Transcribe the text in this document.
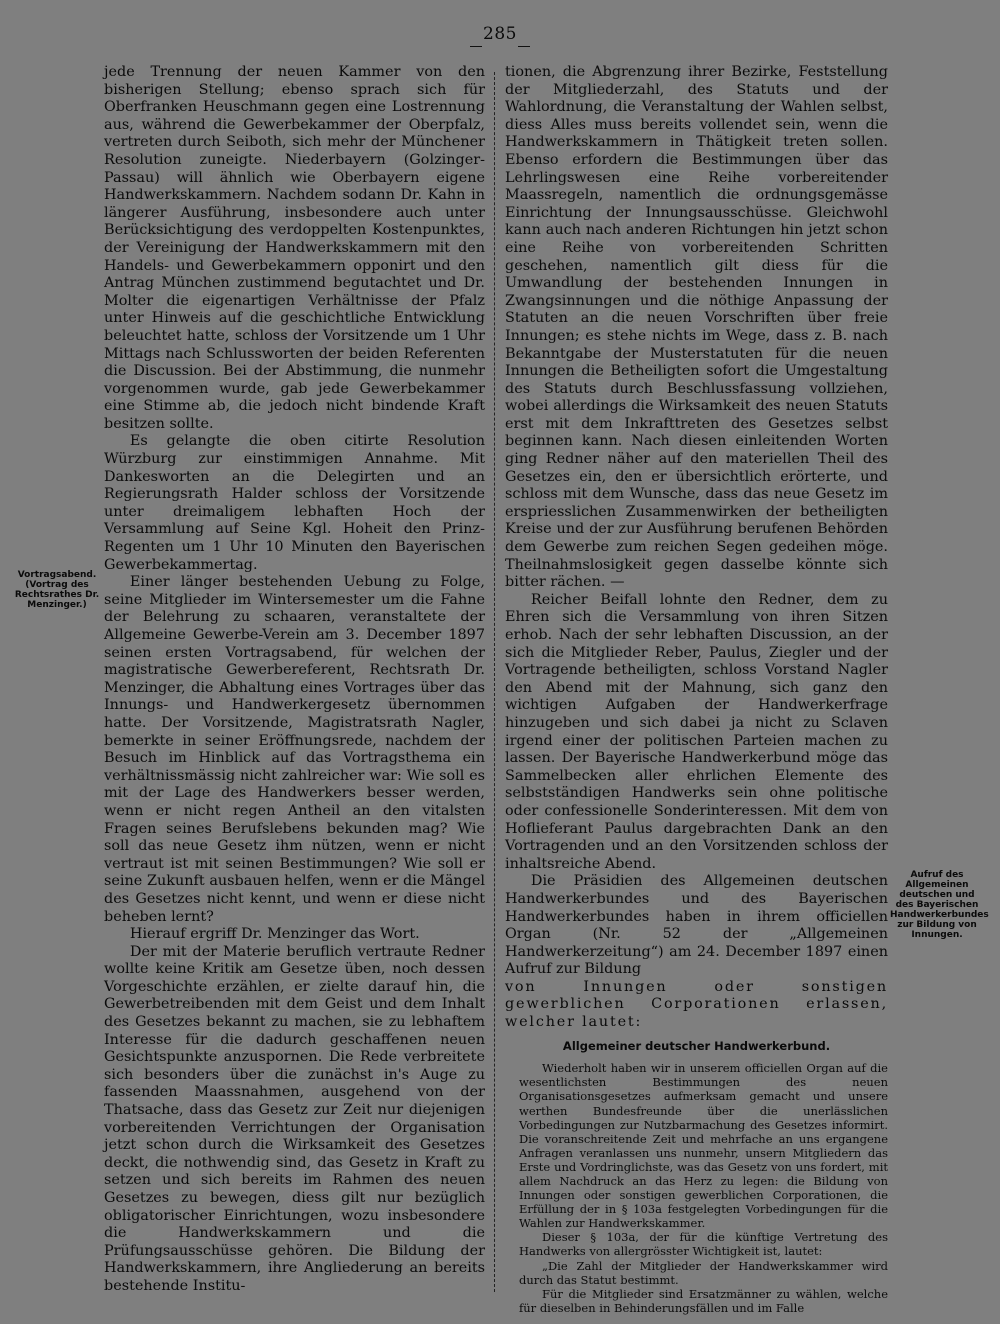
285
Vortragsabend. (Vortrag des Rechtsrathes Dr. Menzinger.)
Aufruf des Allgemeinen deutschen und des Bayerischen Handwerkerbundes zur Bildung von Innungen.

jede Trennung der neuen Kammer von den bisherigen Stellung; ebenso sprach sich für Oberfranken Heuschmann gegen eine Lostrennung aus, während die Gewerbekammer der Oberpfalz, vertreten durch Seiboth, sich mehr der Münchener Resolution zuneigte. Niederbayern (Golzinger-Passau) will ähnlich wie Oberbayern eigene Handwerkskammern. Nachdem sodann Dr. Kahn in längerer Ausführung, insbesondere auch unter Berücksichtigung des verdoppelten Kostenpunktes, der Vereinigung der Handwerkskammern mit den Handels- und Gewerbekammern opponirt und den Antrag München zustimmend begutachtet und Dr. Molter die eigenartigen Verhältnisse der Pfalz unter Hinweis auf die geschichtliche Entwicklung beleuchtet hatte, schloss der Vorsitzende um 1 Uhr Mittags nach Schlussworten der beiden Referenten die Discussion. Bei der Abstimmung, die nunmehr vorgenommen wurde, gab jede Gewerbekammer eine Stimme ab, die jedoch nicht bindende Kraft besitzen sollte.

Es gelangte die oben citirte Resolution Würzburg zur einstimmigen Annahme. Mit Dankesworten an die Delegirten und an Regierungsrath Halder schloss der Vorsitzende unter dreimaligem lebhaften Hoch der Versammlung auf Seine Kgl. Hoheit den Prinz-Regenten um 1 Uhr 10 Minuten den Bayerischen Gewerbekammertag.

Einer länger bestehenden Uebung zu Folge, seine Mitglieder im Wintersemester um die Fahne der Belehrung zu schaaren, veranstaltete der Allgemeine Gewerbe-Verein am 3. December 1897 seinen ersten Vortragsabend, für welchen der magistratische Gewerbereferent, Rechtsrath Dr. Menzinger, die Abhaltung eines Vortrages über das Innungs- und Handwerkergesetz übernommen hatte. Der Vorsitzende, Magistratsrath Nagler, bemerkte in seiner Eröffnungsrede, nachdem der Besuch im Hinblick auf das Vortragsthema ein verhältnissmässig nicht zahlreicher war: Wie soll es mit der Lage des Handwerkers besser werden, wenn er nicht regen Antheil an den vitalsten Fragen seines Berufslebens bekunden mag? Wie soll das neue Gesetz ihm nützen, wenn er nicht vertraut ist mit seinen Bestimmungen? Wie soll er seine Zukunft ausbauen helfen, wenn er die Mängel des Gesetzes nicht kennt, und wenn er diese nicht beheben lernt?

Hierauf ergriff Dr. Menzinger das Wort.

Der mit der Materie beruflich vertraute Redner wollte keine Kritik am Gesetze üben, noch dessen Vorgeschichte erzählen, er zielte darauf hin, die Gewerbetreibenden mit dem Geist und dem Inhalt des Gesetzes bekannt zu machen, sie zu lebhaftem Interesse für die dadurch geschaffenen neuen Gesichtspunkte anzuspornen. Die Rede verbreitete sich besonders über die zunächst in's Auge zu fassenden Maassnahmen, ausgehend von der Thatsache, dass das Gesetz zur Zeit nur diejenigen vorbereitenden Verrichtungen der Organisation jetzt schon durch die Wirksamkeit des Gesetzes deckt, die nothwendig sind, das Gesetz in Kraft zu setzen und sich bereits im Rahmen des neuen Gesetzes zu bewegen, diess gilt nur bezüglich obligatorischer Einrichtungen, wozu insbesondere die Handwerkskammern und die Prüfungsausschüsse gehören. Die Bildung der Handwerkskammern, ihre Angliederung an bereits bestehende Institu-

tionen, die Abgrenzung ihrer Bezirke, Feststellung der Mitgliederzahl, des Statuts und der Wahlordnung, die Veranstaltung der Wahlen selbst, diess Alles muss bereits vollendet sein, wenn die Handwerkskammern in Thätigkeit treten sollen. Ebenso erfordern die Bestimmungen über das Lehrlingswesen eine Reihe vorbereitender Maassregeln, namentlich die ordnungsgemässe Einrichtung der Innungsausschüsse. Gleichwohl kann auch nach anderen Richtungen hin jetzt schon eine Reihe von vorbereitenden Schritten geschehen, namentlich gilt diess für die Umwandlung der bestehenden Innungen in Zwangsinnungen und die nöthige Anpassung der Statuten an die neuen Vorschriften über freie Innungen; es stehe nichts im Wege, dass z. B. nach Bekanntgabe der Musterstatuten für die neuen Innungen die Betheiligten sofort die Umgestaltung des Statuts durch Beschlussfassung vollziehen, wobei allerdings die Wirksamkeit des neuen Statuts erst mit dem Inkrafttreten des Gesetzes selbst beginnen kann. Nach diesen einleitenden Worten ging Redner näher auf den materiellen Theil des Gesetzes ein, den er übersichtlich erörterte, und schloss mit dem Wunsche, dass das neue Gesetz im erspriesslichen Zusammenwirken der betheiligten Kreise und der zur Ausführung berufenen Behörden dem Gewerbe zum reichen Segen gedeihen möge. Theilnahmslosigkeit gegen dasselbe könnte sich bitter rächen. —

Reicher Beifall lohnte den Redner, dem zu Ehren sich die Versammlung von ihren Sitzen erhob. Nach der sehr lebhaften Discussion, an der sich die Mitglieder Reber, Paulus, Ziegler und der Vortragende betheiligten, schloss Vorstand Nagler den Abend mit der Mahnung, sich ganz den wichtigen Aufgaben der Handwerkerfrage hinzugeben und sich dabei ja nicht zu Sclaven irgend einer der politischen Parteien machen zu lassen. Der Bayerische Handwerkerbund möge das Sammelbecken aller ehrlichen Elemente des selbstständigen Handwerks sein ohne politische oder confessionelle Sonderinteressen. Mit dem von Hoflieferant Paulus dargebrachten Dank an den Vortragenden und an den Vorsitzenden schloss der inhaltsreiche Abend.

Die Präsidien des Allgemeinen deutschen Handwerkerbundes und des Bayerischen Handwerkerbundes haben in ihrem officiellen Organ (Nr. 52 der „Allgemeinen Handwerkerzeitung“) am 24. December 1897 einen Aufruf zur Bildung

von Innungen oder sonstigen gewerblichen Corporationen erlassen, welcher lautet:

Allgemeiner deutscher Handwerkerbund.

Wiederholt haben wir in unserem officiellen Organ auf die wesentlichsten Bestimmungen des neuen Organisationsgesetzes aufmerksam gemacht und unsere werthen Bundesfreunde über die unerlässlichen Vorbedingungen zur Nutzbarmachung des Gesetzes informirt. Die voranschreitende Zeit und mehrfache an uns ergangene Anfragen veranlassen uns nunmehr, unsern Mitgliedern das Erste und Vordringlichste, was das Gesetz von uns fordert, mit allem Nachdruck an das Herz zu legen: die Bildung von Innungen oder sonstigen gewerblichen Corporationen, die Erfüllung der in § 103a festgelegten Vorbedingungen für die Wahlen zur Handwerkskammer.

Dieser § 103a, der für die künftige Vertretung des Handwerks von allergrösster Wichtigkeit ist, lautet:

„Die Zahl der Mitglieder der Handwerkskammer wird durch das Statut bestimmt.

Für die Mitglieder sind Ersatzmänner zu wählen, welche für dieselben in Behinderungsfällen und im Falle
